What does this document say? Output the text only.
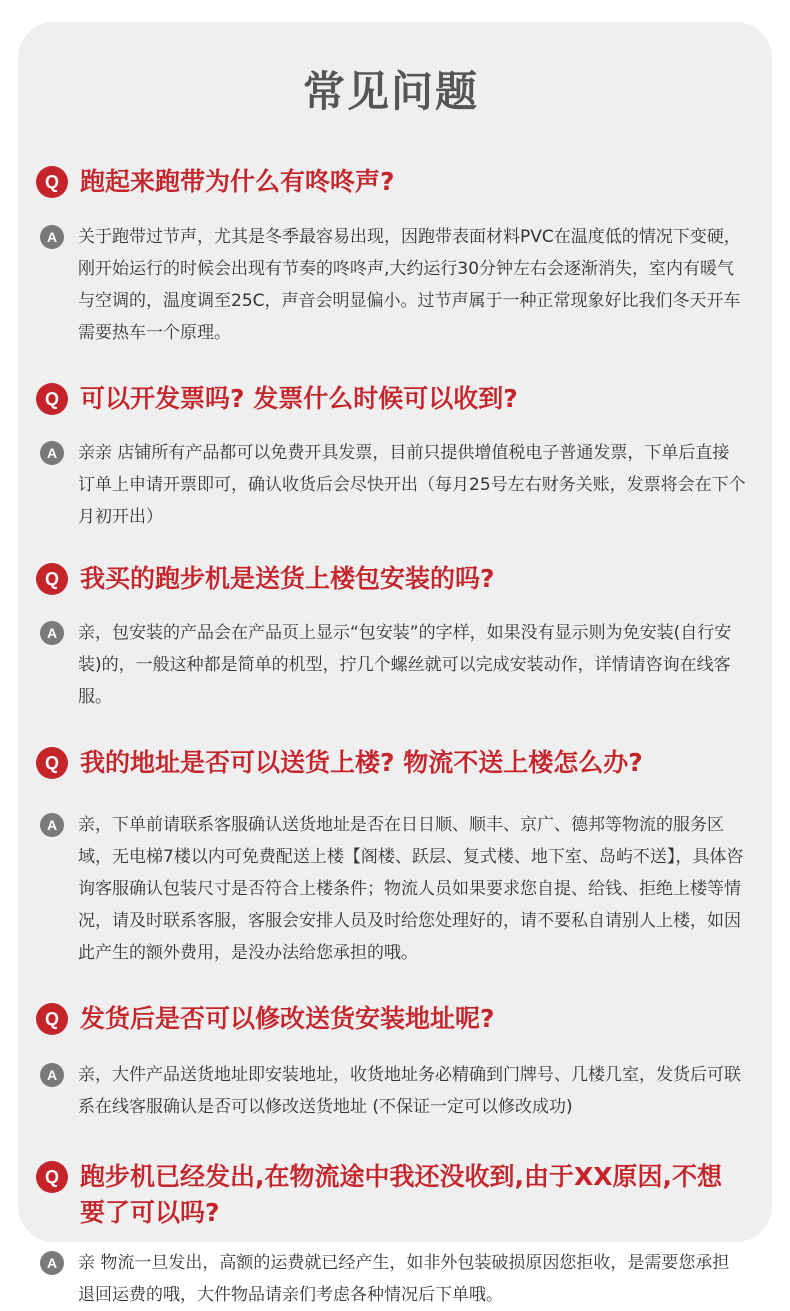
常见问题
Q 跑起来跑带为什么有咚咚声?
A	关于跑带过节声，尤其是冬季最容易出现，因跑带表面材料PVC在温度低的情况下变硬，刚开始运行的时候会出现有节奏的咚咚声,大约运行30分钟左右会逐渐消失，室内有暖气与空调的，温度调至25C，声音会明显偏小。过节声属于一种正常现象好比我们冬天开车需要热车一个原理。
Q 可以开发票吗? 发票什么时候可以收到?
A	亲亲 店铺所有产品都可以免费开具发票，目前只提供增值税电子普通发票，下单后直接订单上申请开票即可，确认收货后会尽快开出（每月25号左右财务关账，发票将会在下个月初开出）
Q 我买的跑步机是送货上楼包安装的吗?
A	亲，包安装的产品会在产品页上显示“包安装”的字样，如果没有显示则为免安装(自行安装)的，一般这种都是简单的机型，拧几个螺丝就可以完成安装动作，详情请咨询在线客服。
Q 我的地址是否可以送货上楼? 物流不送上楼怎么办?
A	亲，下单前请联系客服确认送货地址是否在日日顺、顺丰、京广、德邦等物流的服务区域，无电梯7楼以内可免费配送上楼【阁楼、跃层、复式楼、地下室、岛屿不送】，具体咨询客服确认包装尺寸是否符合上楼条件；物流人员如果要求您自提、给钱、拒绝上楼等情况，请及时联系客服，客服会安排人员及时给您处理好的，请不要私自请别人上楼，如因此产生的额外费用，是没办法给您承担的哦。
Q 发货后是否可以修改送货安装地址呢?
A	亲，大件产品送货地址即安装地址，收货地址务必精确到门牌号、几楼几室，发货后可联系在线客服确认是否可以修改送货地址 (不保证一定可以修改成功)
Q 跑步机已经发出,在物流途中我还没收到,由于XX原因,不想要了可以吗?
A	亲 物流一旦发出，高额的运费就已经产生，如非外包装破损原因您拒收，是需要您承担退回运费的哦，大件物品请亲们考虑各种情况后下单哦。
